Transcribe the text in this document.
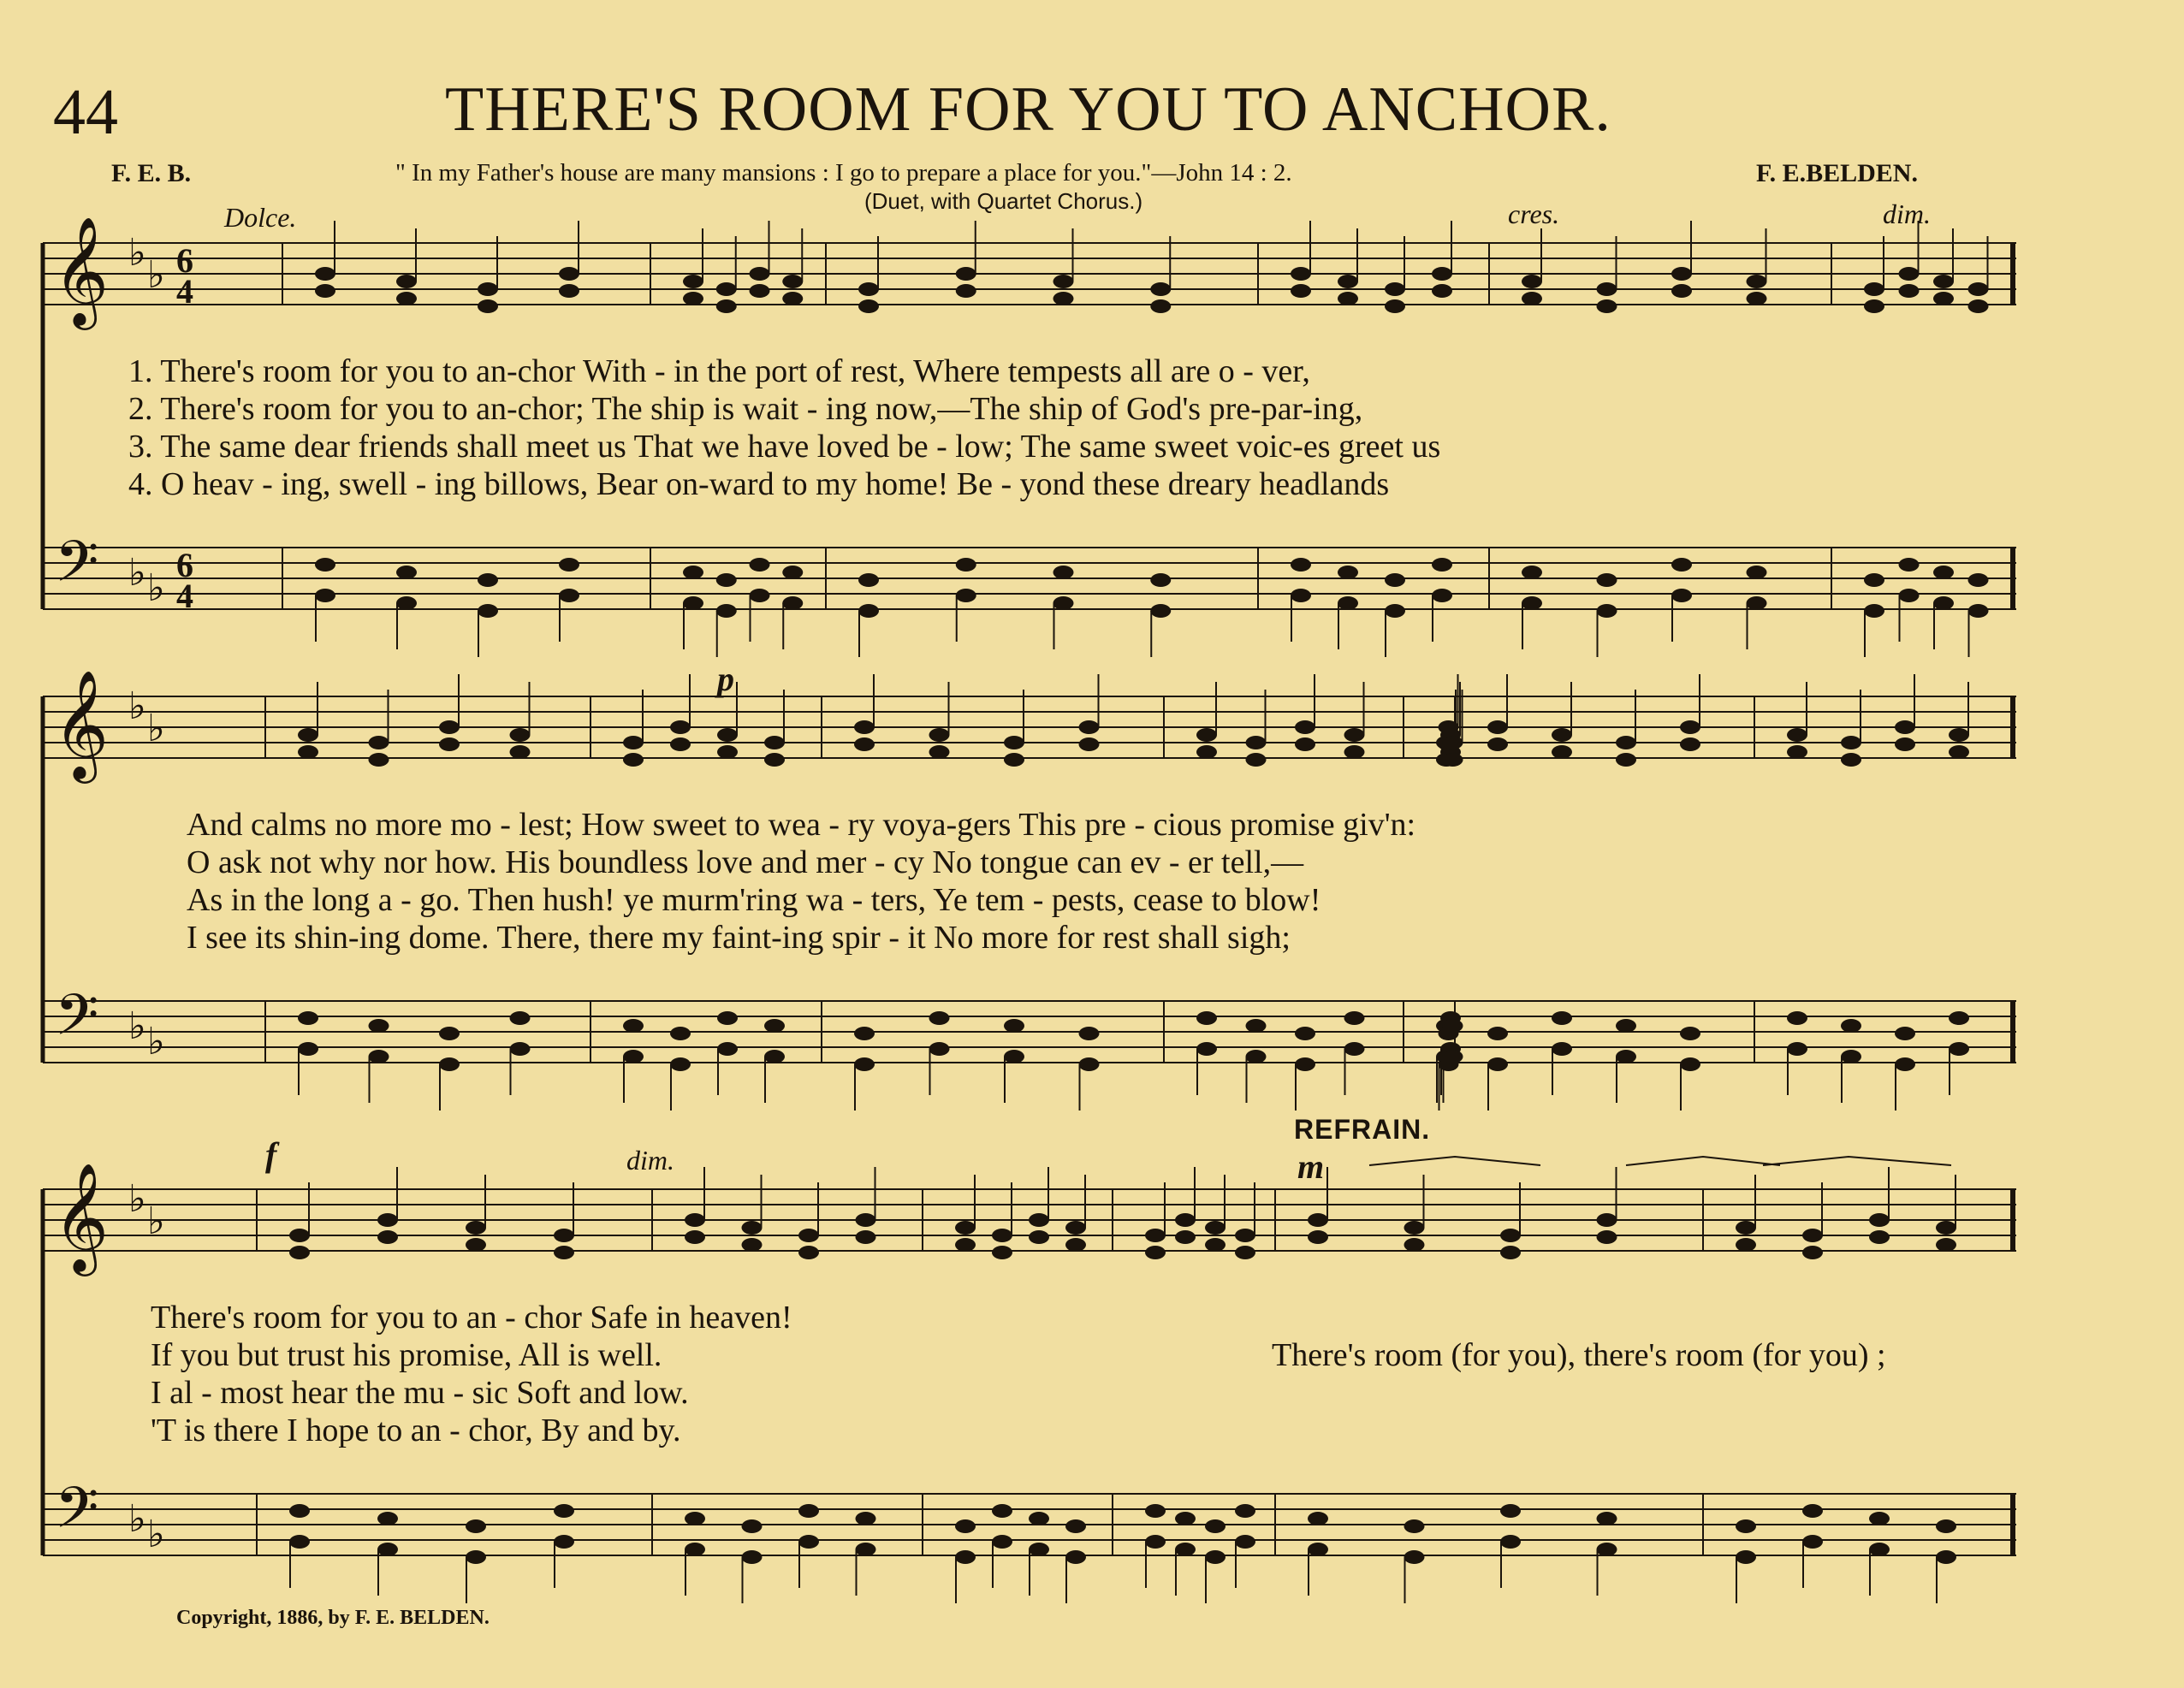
𝄞
𝄢
♭
♭
♭ ♭
6
4
6
4
𝄞
𝄢
♭
♭
♭ ♭
𝄞
𝄢
♭
♭
♭ ♭
44	THERE'S ROOM FOR YOU TO ANCHOR.
F. E. B.	" In my Father's house are many mansions : I go to prepare a place for you."—John 14 : 2.	F. E.BELDEN.
(Duet, with Quartet Chorus.)
Dolce.	cres.	dim.
p
f	dim.	m
REFRAIN.
1. There's room for you to an-chor With - in the port of rest, Where tempests all are o - ver,
2. There's room for you to an-chor; The ship is wait - ing now,—The ship of God's pre-par-ing,
3. The same dear friends shall meet us That we have loved be - low; The same sweet voic-es greet us
4. O heav - ing, swell - ing billows, Bear on-ward to my home! Be - yond these dreary headlands
And calms no more mo - lest; How sweet to wea - ry voya-gers This pre - cious promise giv'n:
O ask not why nor how. His boundless love and mer - cy No tongue can ev - er tell,—
As in the long a - go. Then hush! ye murm'ring wa - ters, Ye tem - pests, cease to blow!
I see its shin-ing dome. There, there my faint-ing spir - it No more for rest shall sigh;
There's room for you to an - chor Safe in heaven!
If you but trust his promise, All is well.
I al - most hear the mu - sic Soft and low.
'T is there I hope to an - chor, By and by.
There's room (for you), there's room (for you) ;
Copyright, 1886, by F. E. BELDEN.
